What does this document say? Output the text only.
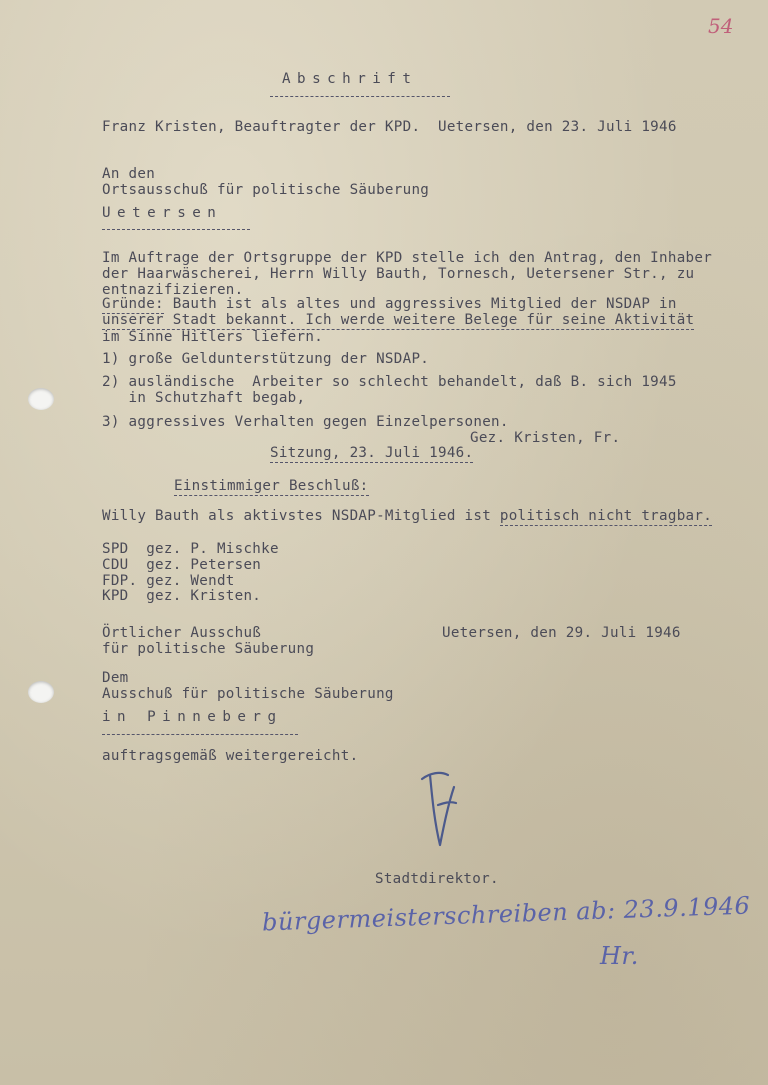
54
Abschrift
Franz Kristen, Beauftragter der KPD.  Uetersen, den 23. Juli 1946
An den
Ortsausschuß für politische Säuberung
Uetersen
Im Auftrage der Ortsgruppe der KPD stelle ich den Antrag, den Inhaber
der Haarwäscherei, Herrn Willy Bauth, Tornesch, Uetersener Str., zu
entnazifizieren.
Gründe: Bauth ist als altes und aggressives Mitglied der NSDAP in
unserer Stadt bekannt. Ich werde weitere Belege für seine Aktivität
im Sinne Hitlers liefern.
1) große Geldunterstützung der NSDAP.
2) ausländische  Arbeiter so schlecht behandelt, daß B. sich 1945
in Schutzhaft begab,
3) aggressives Verhalten gegen Einzelpersonen.
Gez. Kristen, Fr.
Sitzung, 23. Juli 1946.
Einstimmiger Beschluß:
Willy Bauth als aktivstes NSDAP-Mitglied ist politisch nicht tragbar.
SPD  gez. P. Mischke
CDU  gez. Petersen
FDP. gez. Wendt
KPD  gez. Kristen.
Örtlicher Ausschuß	Uetersen, den 29. Juli 1946
für politische Säuberung
Dem
Ausschuß für politische Säuberung
in Pinneberg
auftragsgemäß weitergereicht.
Stadtdirektor.
bürgermeisterschreiben ab: 23.9.1946
Hr.
